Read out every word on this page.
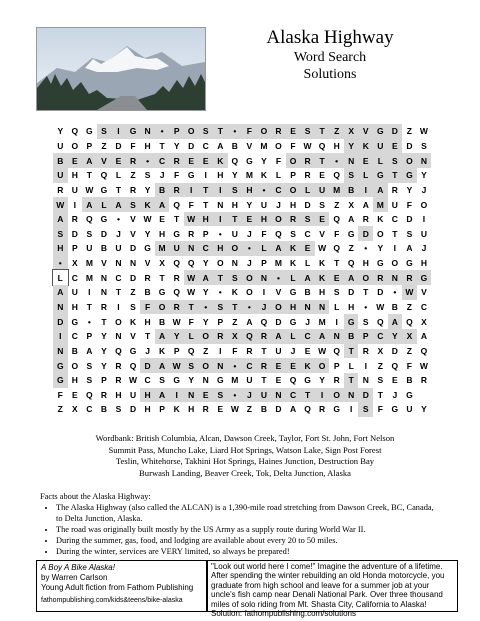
Alaska Highway
Word Search
Solutions
Y Q G S	I	G N	•	P O S	T	•	F	O R	E	S	T	Z	X	V G D	Z W
U O P	Z	D	F	H	T	Y	D C A B	V M O	F W Q H	Y	K U	E	D	S
B	E	A	V	E	R	•	C R	E	E	K Q G Y	F	O R	T	•	N	E	L	S O N
U H	T	Q	L	Z	S	J	F	G	I	H	Y M K	L	P	R	E Q S	L	G	T	G Y
R U W G	T	R	Y	B R	I	T	I	S	H	•	C O	L	U M B	I	A R	Y	J
W	I	A	L	A	S	K A Q	F	T	N H	Y	U	J	H D	S	Z	X	A M U	F	O
A R Q G	•	V W E	T W H	I	T	E	H O R	S	E Q A R K C D	I
S	D	S	D	J	V	Y	H G R	P	•	U	J	F	Q S	C	V	F	G D O	T	S	U
H	P	U B U D G M U N C H O	•	L	A K	E W Q	Z	•	Y	I	A	J
•	X M V	N N	V	X Q Q Y O N	J	P M K	L	K	T	Q H G O G H
L	C M N C D R	T	R W A	T	S O N	•	L	A K	E	A O R N R G
A U	I	N	T	Z	B G Q W Y	•	K O	I	V G B H	S	D	T	D	•	W V
N H	T	R	I	S	F	O R	T	•	S	T	•	J	O H N N	L	H	•	W B	Z	C
D G	•	T	O K H B W F	Y	P	Z	A Q D G	J	M	I	G S Q A Q X
I	C	P	Y	N	V	T	A	Y	L	O R	X Q R A	L	C A N B	P	C	Y	X	A
N B A	Y Q G	J	K	P Q	Z	I	F	R	T	U	J	E W Q	T	R	X	D	Z	Q
G O S	Y	R Q D A W S O N	•	C R	E	E	K O P	L	I	Z	Q	F W
G H	S	P	R W C	S G Y	N G M U	T	E Q G Y	R	T	N	S	E	B R
F	E Q R H U H A	I	N	E	S	•	J	U N C	T	I	O N D	T	J	G
Z	X	C B	S	D H	P	K H R	E W Z	B D A Q R G	I	S	F	G U	Y
Wordbank: British Columbia, Alcan, Dawson Creek, Taylor, Fort St. John, Fort Nelson
Summit Pass, Muncho Lake, Liard Hot Springs, Watson Lake, Sign Post Forest
Teslin, Whitehorse, Takhini Hot Springs, Haines Junction, Destruction Bay
Burwash Landing, Beaver Creek, Tok, Delta Junction, Alaska
Facts about the Alaska Highway:
• The Alaska Highway (also called the ALCAN) is a 1,390-mile road stretching from Dawson Creek, BC, Canada,
to Delta Junction, Alaska.
• The road was originally built mostly by the US Army as a supply route during World War II.
• During the summer, gas, food, and lodging are available about every 20 to 50 miles.
• During the winter, services are VERY limited, so always be prepared!
A Boy A Bike Alaska!
by Warren Carlson
Young Adult fiction from Fathom Publishing
fathompublishing.com/kids&teens/bike-alaska
"Look out world here I come!" Imagine the adventure of a lifetime. After spending the winter rebuilding an old Honda motorcycle, you graduate from high school and leave for a summer job at your uncle's fish camp near Denali National Park. Over three thousand miles of solo riding from Mt. Shasta City, California to Alaska!
Solution: fathompublishing.com/solutions
